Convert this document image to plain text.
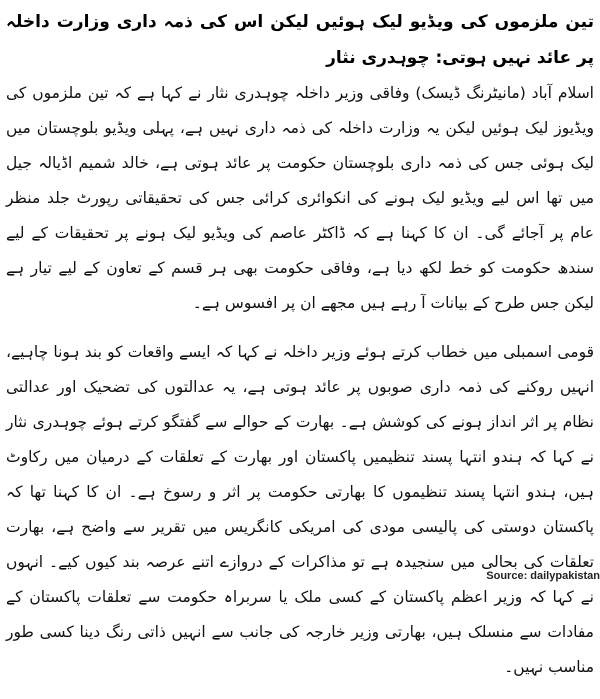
تین ملزموں کی ویڈیو لیک ہوئیں لیکن اس کی ذمہ داری وزارت داخلہ پر عائد نہیں ہوتی: چوہدری نثار

اسلام آباد (مانیٹرنگ ڈیسک) وفاقی وزیر داخلہ چوہدری نثار نے کہا ہے کہ تین ملزموں کی ویڈیوز لیک ہوئیں لیکن یہ وزارت داخلہ کی ذمہ داری نہیں ہے، پہلی ویڈیو بلوچستان میں لیک ہوئی جس کی ذمہ داری بلوچستان حکومت پر عائد ہوتی ہے، خالد شمیم اڈیالہ جیل میں تھا اس لیے ویڈیو لیک ہونے کی انکوائری کرائی جس کی تحقیقاتی رپورٹ جلد منظر عام پر آجائے گی۔ ان کا کہنا ہے کہ ڈاکٹر عاصم کی ویڈیو لیک ہونے پر تحقیقات کے لیے سندھ حکومت کو خط لکھ دیا ہے، وفاقی حکومت بھی ہر قسم کے تعاون کے لیے تیار ہے لیکن جس طرح کے بیانات آ رہے ہیں مجھے ان پر افسوس ہے۔

قومی اسمبلی میں خطاب کرتے ہوئے وزیر داخلہ نے کہا کہ ایسے واقعات کو بند ہونا چاہیے، انہیں روکنے کی ذمہ داری صوبوں پر عائد ہوتی ہے، یہ عدالتوں کی تضحیک اور عدالتی نظام پر اثر انداز ہونے کی کوشش ہے۔ بھارت کے حوالے سے گفتگو کرتے ہوئے چوہدری نثار نے کہا کہ ہندو انتہا پسند تنظیمیں پاکستان اور بھارت کے تعلقات کے درمیان میں رکاوٹ ہیں، ہندو انتہا پسند تنظیموں کا بھارتی حکومت پر اثر و رسوخ ہے۔ ان کا کہنا تھا کہ پاکستان دوستی کی پالیسی مودی کی امریکی کانگریس میں تقریر سے واضح ہے، بھارت تعلقات کی بحالی میں سنجیدہ ہے تو مذاکرات کے دروازے اتنے عرصہ بند کیوں کیے۔ انہوں نے کہا کہ وزیر اعظم پاکستان کے کسی ملک یا سربراہ حکومت سے تعلقات پاکستان کے مفادات سے منسلک ہیں، بھارتی وزیر خارجہ کی جانب سے انہیں ذاتی رنگ دینا کسی طور مناسب نہیں۔

Source: dailypakistan
